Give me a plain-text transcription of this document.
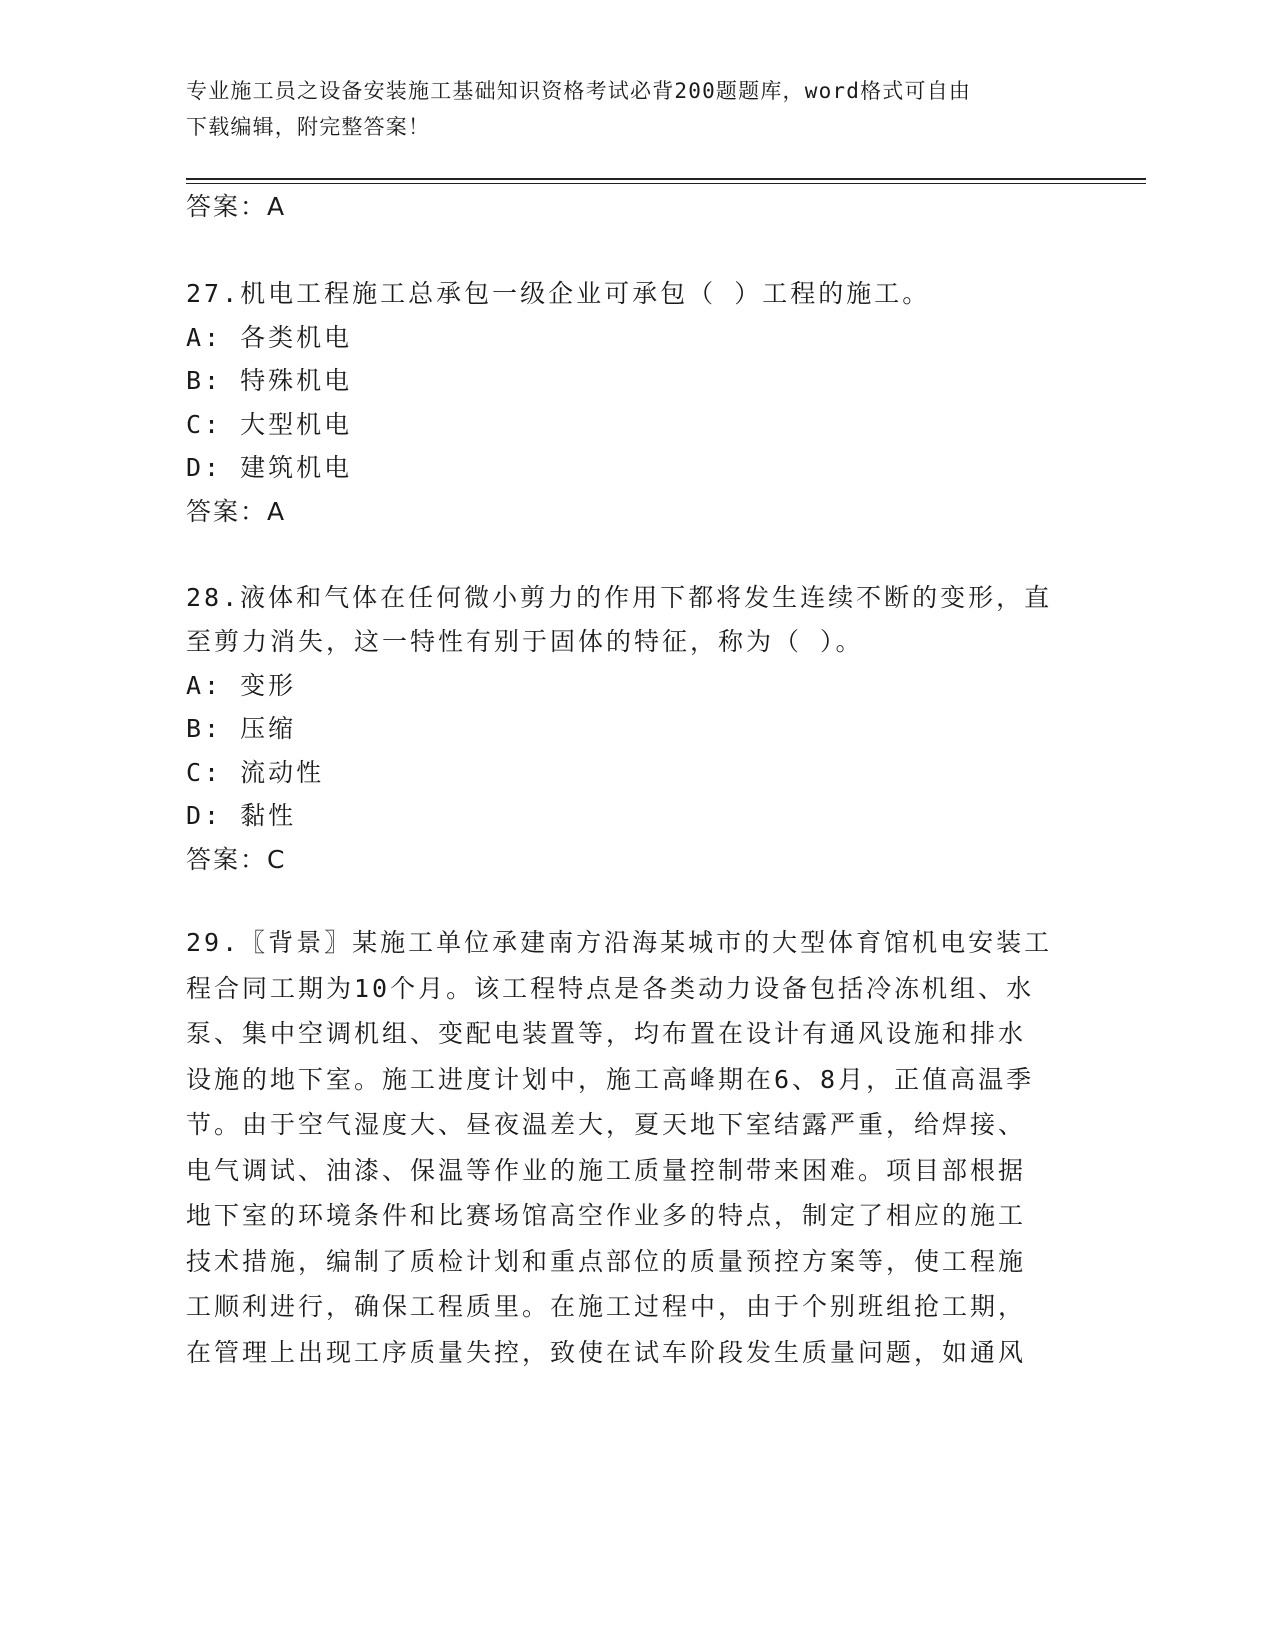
专业施工员之设备安装施工基础知识资格考试必背200题题库，word格式可自由
下载编辑，附完整答案！
答案：A
27.机电工程施工总承包一级企业可承包（ ）工程的施工。
A: 各类机电
B: 特殊机电
C: 大型机电
D: 建筑机电
答案：A
28.液体和气体在任何微小剪力的作用下都将发生连续不断的变形，直
至剪力消失，这一特性有别于固体的特征，称为（ ）。
A: 变形
B: 压缩
C: 流动性
D: 黏性
答案：C
29.〖背景〗某施工单位承建南方沿海某城市的大型体育馆机电安装工
程合同工期为10个月。该工程特点是各类动力设备包括冷冻机组、水
泵、集中空调机组、变配电装置等，均布置在设计有通风设施和排水
设施的地下室。施工进度计划中，施工高峰期在6、8月，正值高温季
节。由于空气湿度大、昼夜温差大，夏天地下室结露严重，给焊接、
电气调试、油漆、保温等作业的施工质量控制带来困难。项目部根据
地下室的环境条件和比赛场馆高空作业多的特点，制定了相应的施工
技术措施，编制了质检计划和重点部位的质量预控方案等，使工程施
工顺利进行，确保工程质里。在施工过程中，由于个别班组抢工期，
在管理上出现工序质量失控，致使在试车阶段发生质量问题，如通风
